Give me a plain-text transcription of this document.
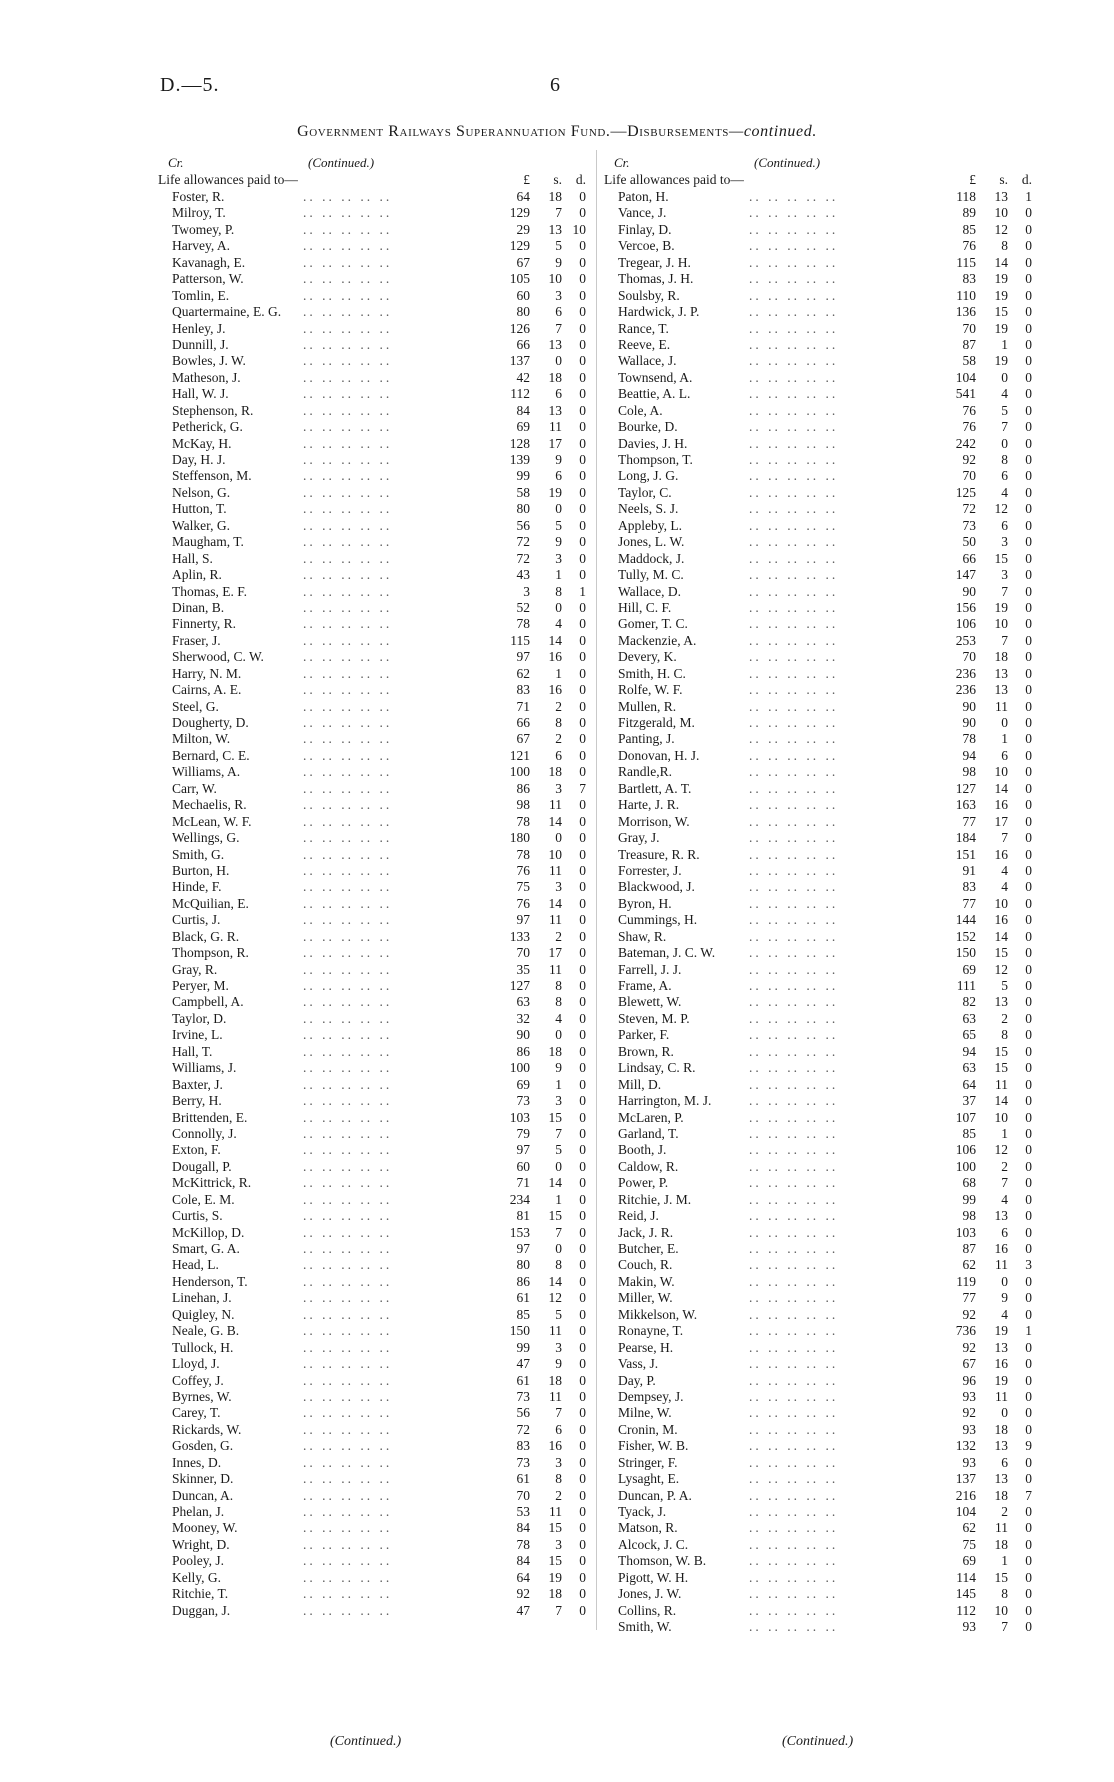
D.—5.	6
Government Railways Superannuation Fund.—Disbursements—continued.
Cr.	(Continued.)
Life allowances paid to—	£	s.	d.
Foster, R.	.. .. .. .. ..	64	18	0
Milroy, T.	.. .. .. .. ..	129	7	0
Twomey, P.	.. .. .. .. ..	29	13 10
Harvey, A.	.. .. .. .. ..	129	5	0
Kavanagh, E.	.. .. .. .. ..	67	9	0
Patterson, W.	.. .. .. .. ..	105	10	0
Tomlin, E.	.. .. .. .. ..	60	3	0
Quartermaine, E. G. .. .. .. .. ..	80	6	0
Henley, J.	.. .. .. .. ..	126	7	0
Dunnill, J.	.. .. .. .. ..	66	13	0
Bowles, J. W.	.. .. .. .. ..	137	0	0
Matheson, J.	.. .. .. .. ..	42	18	0
Hall, W. J.	.. .. .. .. ..	112	6	0
Stephenson, R.	.. .. .. .. ..	84	13	0
Petherick, G.	.. .. .. .. ..	69	11	0
McKay, H.	.. .. .. .. ..	128	17	0
Day, H. J.	.. .. .. .. ..	139	9	0
Steffenson, M.	.. .. .. .. ..	99	6	0
Nelson, G.	.. .. .. .. ..	58	19	0
Hutton, T.	.. .. .. .. ..	80	0	0
Walker, G.	.. .. .. .. ..	56	5	0
Maugham, T.	.. .. .. .. ..	72	9	0
Hall, S.	.. .. .. .. ..	72	3	0
Aplin, R.	.. .. .. .. ..	43	1	0
Thomas, E. F.	.. .. .. .. ..	3	8	1
Dinan, B.	.. .. .. .. ..	52	0	0
Finnerty, R.	.. .. .. .. ..	78	4	0
Fraser, J.	.. .. .. .. ..	115	14	0
Sherwood, C. W.	.. .. .. .. ..	97	16	0
Harry, N. M.	.. .. .. .. ..	62	1	0
Cairns, A. E.	.. .. .. .. ..	83	16	0
Steel, G.	.. .. .. .. ..	71	2	0
Dougherty, D.	.. .. .. .. ..	66	8	0
Milton, W.	.. .. .. .. ..	67	2	0
Bernard, C. E.	.. .. .. .. ..	121	6	0
Williams, A.	.. .. .. .. ..	100	18	0
Carr, W.	.. .. .. .. ..	86	3	7
Mechaelis, R.	.. .. .. .. ..	98	11	0
McLean, W. F.	.. .. .. .. ..	78	14	0
Wellings, G.	.. .. .. .. ..	180	0	0
Smith, G.	.. .. .. .. ..	78	10	0
Burton, H.	.. .. .. .. ..	76	11	0
Hinde, F.	.. .. .. .. ..	75	3	0
McQuilian, E.	.. .. .. .. ..	76	14	0
Curtis, J.	.. .. .. .. ..	97	11	0
Black, G. R.	.. .. .. .. ..	133	2	0
Thompson, R.	.. .. .. .. ..	70	17	0
Gray, R.	.. .. .. .. ..	35	11	0
Peryer, M.	.. .. .. .. ..	127	8	0
Campbell, A.	.. .. .. .. ..	63	8	0
Taylor, D.	.. .. .. .. ..	32	4	0
Irvine, L.	.. .. .. .. ..	90	0	0
Hall, T.	.. .. .. .. ..	86	18	0
Williams, J.	.. .. .. .. ..	100	9	0
Baxter, J.	.. .. .. .. ..	69	1	0
Berry, H.	.. .. .. .. ..	73	3	0
Brittenden, E.	.. .. .. .. ..	103	15	0
Connolly, J.	.. .. .. .. ..	79	7	0
Exton, F.	.. .. .. .. ..	97	5	0
Dougall, P.	.. .. .. .. ..	60	0	0
McKittrick, R.	.. .. .. .. ..	71	14	0
Cole, E. M.	.. .. .. .. ..	234	1	0
Curtis, S.	.. .. .. .. ..	81	15	0
McKillop, D.	.. .. .. .. ..	153	7	0
Smart, G. A.	.. .. .. .. ..	97	0	0
Head, L.	.. .. .. .. ..	80	8	0
Henderson, T.	.. .. .. .. ..	86	14	0
Linehan, J.	.. .. .. .. ..	61	12	0
Quigley, N.	.. .. .. .. ..	85	5	0
Neale, G. B.	.. .. .. .. ..	150	11	0
Tullock, H.	.. .. .. .. ..	99	3	0
Lloyd, J.	.. .. .. .. ..	47	9	0
Coffey, J.	.. .. .. .. ..	61	18	0
Byrnes, W.	.. .. .. .. ..	73	11	0
Carey, T.	.. .. .. .. ..	56	7	0
Rickards, W.	.. .. .. .. ..	72	6	0
Gosden, G.	.. .. .. .. ..	83	16	0
Innes, D.	.. .. .. .. ..	73	3	0
Skinner, D.	.. .. .. .. ..	61	8	0
Duncan, A.	.. .. .. .. ..	70	2	0
Phelan, J.	.. .. .. .. ..	53	11	0
Mooney, W.	.. .. .. .. ..	84	15	0
Wright, D.	.. .. .. .. ..	78	3	0
Pooley, J.	.. .. .. .. ..	84	15	0
Kelly, G.	.. .. .. .. ..	64	19	0
Ritchie, T.	.. .. .. .. ..	92	18	0
Duggan, J.	.. .. .. .. ..	47	7	0
Cr.	(Continued.)
Life allowances paid to—	£	s.	d.
Paton, H.	.. .. .. .. ..	118	13	1
Vance, J.	.. .. .. .. ..	89	10	0
Finlay, D.	.. .. .. .. ..	85	12	0
Vercoe, B.	.. .. .. .. ..	76	8	0
Tregear, J. H.	.. .. .. .. ..	115	14	0
Thomas, J. H.	.. .. .. .. ..	83	19	0
Soulsby, R.	.. .. .. .. ..	110	19	0
Hardwick, J. P.	.. .. .. .. ..	136	15	0
Rance, T.	.. .. .. .. ..	70	19	0
Reeve, E.	.. .. .. .. ..	87	1	0
Wallace, J.	.. .. .. .. ..	58	19	0
Townsend, A.	.. .. .. .. ..	104	0	0
Beattie, A. L.	.. .. .. .. ..	541	4	0
Cole, A.	.. .. .. .. ..	76	5	0
Bourke, D.	.. .. .. .. ..	76	7	0
Davies, J. H.	.. .. .. .. ..	242	0	0
Thompson, T.	.. .. .. .. ..	92	8	0
Long, J. G.	.. .. .. .. ..	70	6	0
Taylor, C.	.. .. .. .. ..	125	4	0
Neels, S. J.	.. .. .. .. ..	72	12	0
Appleby, L.	.. .. .. .. ..	73	6	0
Jones, L. W.	.. .. .. .. ..	50	3	0
Maddock, J.	.. .. .. .. ..	66	15	0
Tully, M. C.	.. .. .. .. ..	147	3	0
Wallace, D.	.. .. .. .. ..	90	7	0
Hill, C. F.	.. .. .. .. ..	156	19	0
Gomer, T. C.	.. .. .. .. ..	106	10	0
Mackenzie, A.	.. .. .. .. ..	253	7	0
Devery, K.	.. .. .. .. ..	70	18	0
Smith, H. C.	.. .. .. .. ..	236	13	0
Rolfe, W. F.	.. .. .. .. ..	236	13	0
Mullen, R.	.. .. .. .. ..	90	11	0
Fitzgerald, M.	.. .. .. .. ..	90	0	0
Panting, J.	.. .. .. .. ..	78	1	0
Donovan, H. J.	.. .. .. .. ..	94	6	0
Randle,R.	.. .. .. .. ..	98	10	0
Bartlett, A. T.	.. .. .. .. ..	127	14	0
Harte, J. R.	.. .. .. .. ..	163	16	0
Morrison, W.	.. .. .. .. ..	77	17	0
Gray, J.	.. .. .. .. ..	184	7	0
Treasure, R. R.	.. .. .. .. ..	151	16	0
Forrester, J.	.. .. .. .. ..	91	4	0
Blackwood, J.	.. .. .. .. ..	83	4	0
Byron, H.	.. .. .. .. ..	77	10	0
Cummings, H.	.. .. .. .. ..	144	16	0
Shaw, R.	.. .. .. .. ..	152	14	0
Bateman, J. C. W.	.. .. .. .. ..	150	15	0
Farrell, J. J.	.. .. .. .. ..	69	12	0
Frame, A.	.. .. .. .. ..	111	5	0
Blewett, W.	.. .. .. .. ..	82	13	0
Steven, M. P.	.. .. .. .. ..	63	2	0
Parker, F.	.. .. .. .. ..	65	8	0
Brown, R.	.. .. .. .. ..	94	15	0
Lindsay, C. R.	.. .. .. .. ..	63	15	0
Mill, D.	.. .. .. .. ..	64	11	0
Harrington, M. J.	.. .. .. .. ..	37	14	0
McLaren, P.	.. .. .. .. ..	107	10	0
Garland, T.	.. .. .. .. ..	85	1	0
Booth, J.	.. .. .. .. ..	106	12	0
Caldow, R.	.. .. .. .. ..	100	2	0
Power, P.	.. .. .. .. ..	68	7	0
Ritchie, J. M.	.. .. .. .. ..	99	4	0
Reid, J.	.. .. .. .. ..	98	13	0
Jack, J. R.	.. .. .. .. ..	103	6	0
Butcher, E.	.. .. .. .. ..	87	16	0
Couch, R.	.. .. .. .. ..	62	11	3
Makin, W.	.. .. .. .. ..	119	0	0
Miller, W.	.. .. .. .. ..	77	9	0
Mikkelson, W.	.. .. .. .. ..	92	4	0
Ronayne, T.	.. .. .. .. ..	736	19	1
Pearse, H.	.. .. .. .. ..	92	13	0
Vass, J.	.. .. .. .. ..	67	16	0
Day, P.	.. .. .. .. ..	96	19	0
Dempsey, J.	.. .. .. .. ..	93	11	0
Milne, W.	.. .. .. .. ..	92	0	0
Cronin, M.	.. .. .. .. ..	93	18	0
Fisher, W. B.	.. .. .. .. ..	132	13	9
Stringer, F.	.. .. .. .. ..	93	6	0
Lysaght, E.	.. .. .. .. ..	137	13	0
Duncan, P. A.	.. .. .. .. ..	216	18	7
Tyack, J.	.. .. .. .. ..	104	2	0
Matson, R.	.. .. .. .. ..	62	11	0
Alcock, J. C.	.. .. .. .. ..	75	18	0
Thomson, W. B.	.. .. .. .. ..	69	1	0
Pigott, W. H.	.. .. .. .. ..	114	15	0
Jones, J. W.	.. .. .. .. ..	145	8	0
Collins, R.	.. .. .. .. ..	112	10	0
Smith, W.	.. .. .. .. ..	93	7	0
(Continued.)	(Continued.)
